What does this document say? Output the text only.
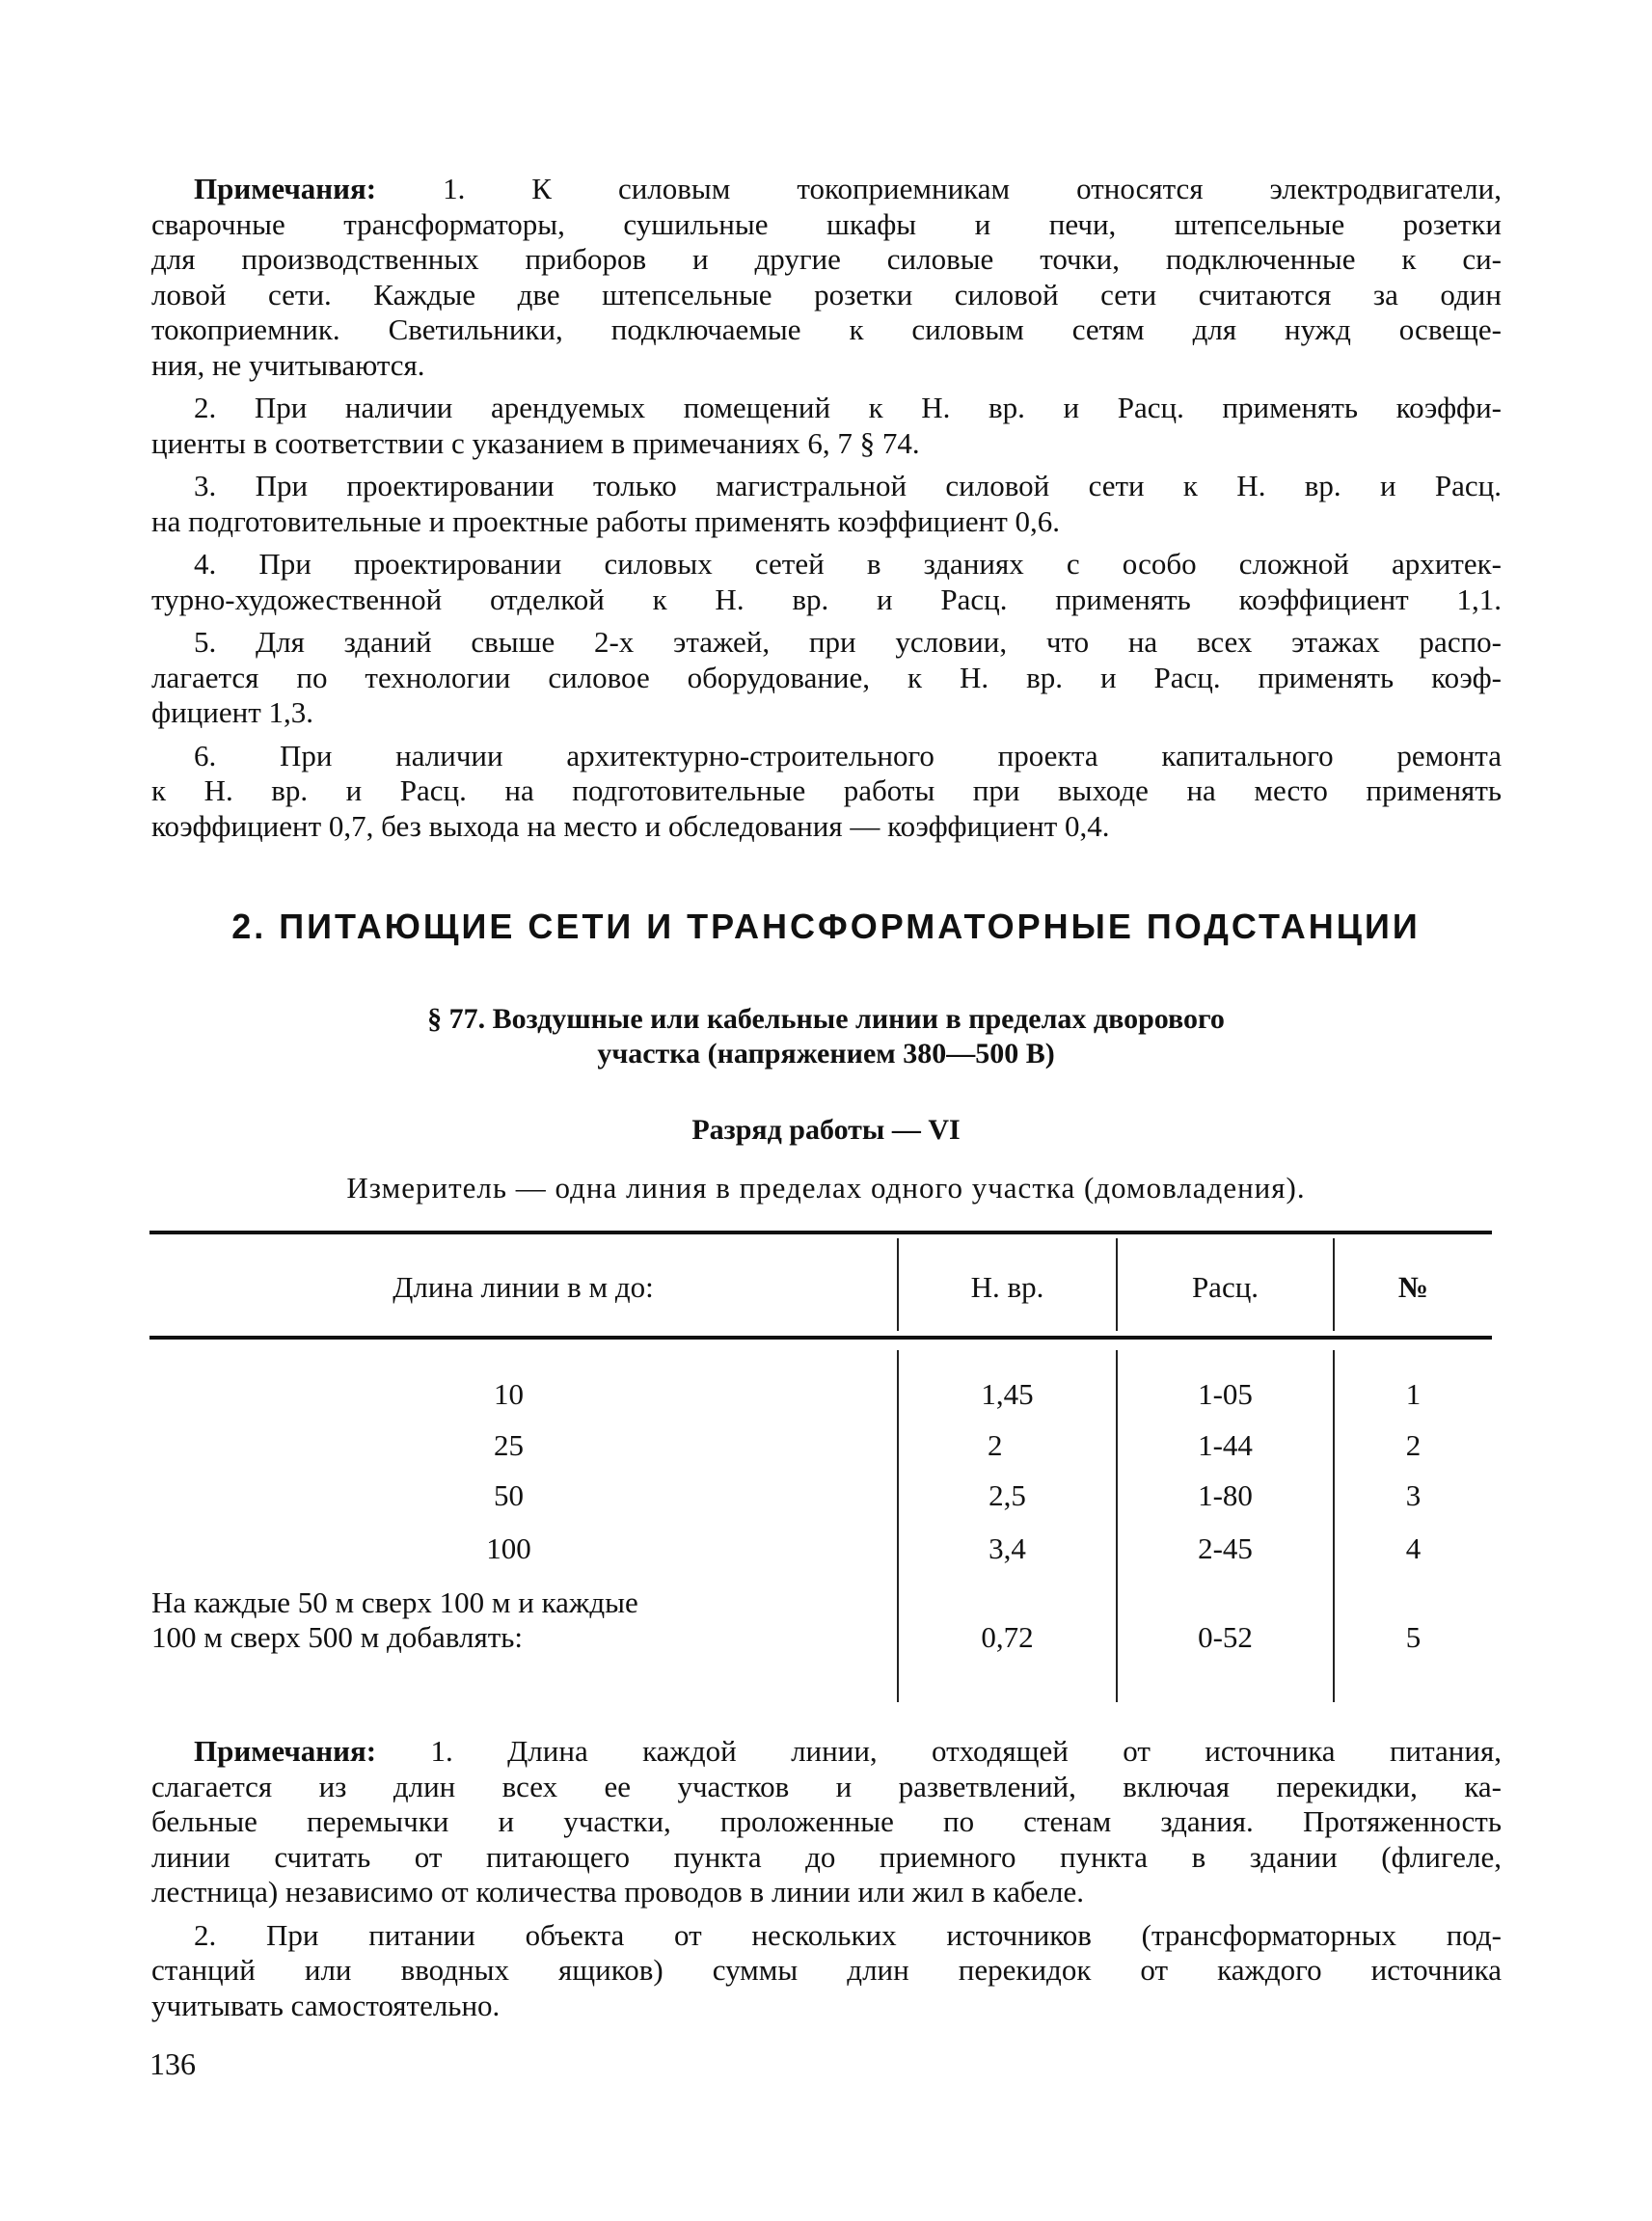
Примечания: 1. К силовым токоприемникам относятся электродвигатели,
сварочные трансформаторы, сушильные шкафы и печи, штепсельные розетки
для производственных приборов и другие силовые точки, подключенные к си-
ловой сети. Каждые две штепсельные розетки силовой сети считаются за один
токоприемник. Светильники, подключаемые к силовым сетям для нужд освеще-
ния, не учитываются.
2. При наличии арендуемых помещений к Н. вр. и Расц. применять коэффи-
циенты в соответствии с указанием в примечаниях 6, 7 § 74.
3. При проектировании только магистральной силовой сети к Н. вр. и Расц.
на подготовительные и проектные работы применять коэффициент 0,6.
4. При проектировании силовых сетей в зданиях с особо сложной архитек-
турно-художественной отделкой к Н. вр. и Расц. применять коэффициент 1,1.
5. Для зданий свыше 2-х этажей, при условии, что на всех этажах распо-
лагается по технологии силовое оборудование, к Н. вр. и Расц. применять коэф-
фициент 1,3.
6. При наличии архитектурно-строительного проекта капитального ремонта
к Н. вр. и Расц. на подготовительные работы при выходе на место применять
коэффициент 0,7, без выхода на место и обследования — коэффициент 0,4.
2. ПИТАЮЩИЕ СЕТИ И ТРАНСФОРМАТОРНЫЕ ПОДСТАНЦИИ
§ 77. Воздушные или кабельные линии в пределах дворового
участка (напряжением 380—500 В)
Разряд работы — VI
Измеритель — одна линия в пределах одного участка (домовладения).
Длина линии в м до:	Н. вр.	Расц.	№
10	1,45	1-05	1
25	2	1-44	2
50	2,5	1-80	3
100	3,4	2-45	4
На каждые 50 м сверх 100 м и каждые
100 м сверх 500 м добавлять:	0,72	0-52	5
Примечания: 1. Длина каждой линии, отходящей от источника питания,
слагается из длин всех ее участков и разветвлений, включая перекидки, ка-
бельные перемычки и участки, проложенные по стенам здания. Протяженность
линии считать от питающего пункта до приемного пункта в здании (флигеле,
лестница) независимо от количества проводов в линии или жил в кабеле.
2. При питании объекта от нескольких источников (трансформаторных под-
станций или вводных ящиков) суммы длин перекидок от каждого источника
учитывать самостоятельно.
136
